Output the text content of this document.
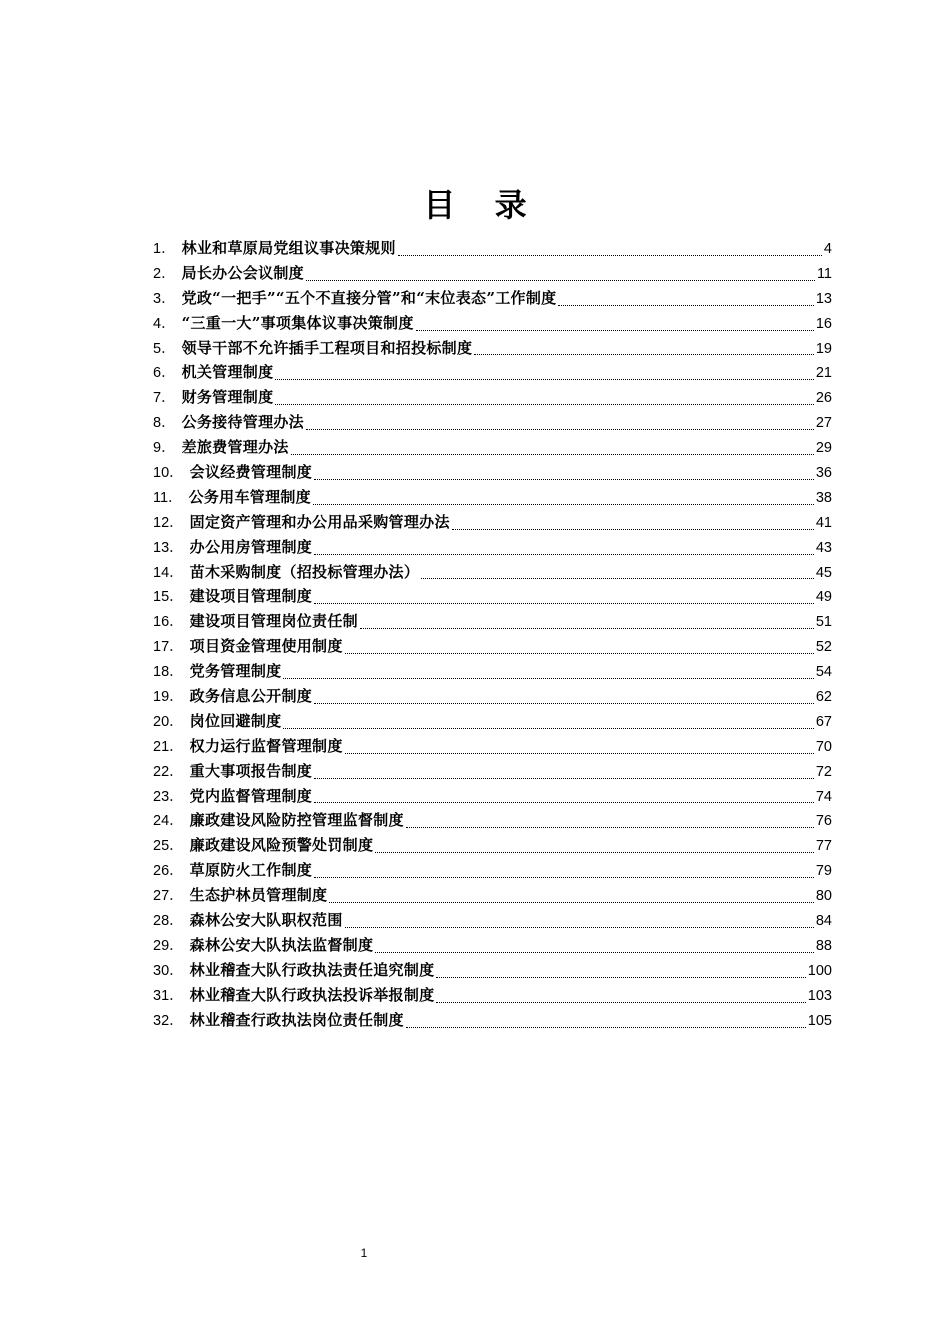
目 录
1． 林业和草原局党组议事决策规则	4
2． 局长办公会议制度	11
3． 党政“一把手”“五个不直接分管”和“末位表态”工作制度	13
4． “三重一大”事项集体议事决策制度	16
5． 领导干部不允许插手工程项目和招投标制度	19
6． 机关管理制度	21
7． 财务管理制度	26
8． 公务接待管理办法	27
9． 差旅费管理办法	29
10． 会议经费管理制度	36
11． 公务用车管理制度	38
12． 固定资产管理和办公用品采购管理办法	41
13． 办公用房管理制度	43
14． 苗木采购制度（招投标管理办法）	45
15． 建设项目管理制度	49
16． 建设项目管理岗位责任制	51
17． 项目资金管理使用制度	52
18． 党务管理制度	54
19． 政务信息公开制度	62
20． 岗位回避制度	67
21． 权力运行监督管理制度	70
22． 重大事项报告制度	72
23． 党内监督管理制度	74
24． 廉政建设风险防控管理监督制度	76
25． 廉政建设风险预警处罚制度	77
26． 草原防火工作制度	79
27． 生态护林员管理制度	80
28． 森林公安大队职权范围	84
29． 森林公安大队执法监督制度	88
30． 林业稽查大队行政执法责任追究制度	100
31． 林业稽查大队行政执法投诉举报制度	103
32． 林业稽查行政执法岗位责任制度	105
1
